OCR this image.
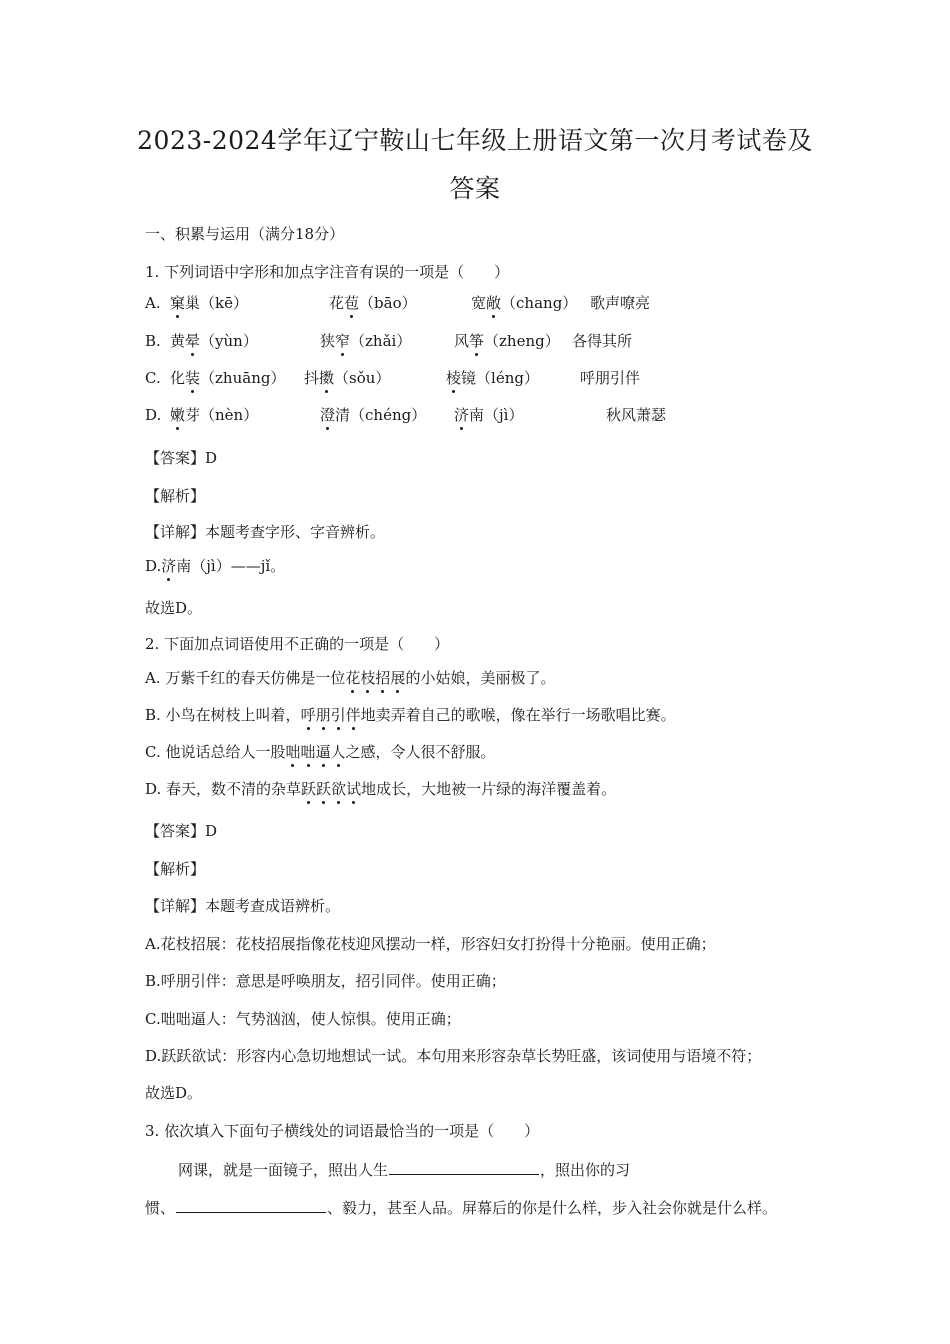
2023-2024学年辽宁鞍山七年级上册语文第一次月考试卷及
答案
一、积累与运用（满分18分）
1. 下列词语中字形和加点字注音有误的一项是（　　）
A. 窠巢（kē）	花苞（bāo）	宽敞（chang） 歌声嘹亮
B. 黄晕（yùn）	狭窄（zhǎi）	风筝（zheng） 各得其所
C. 化装（zhuāng） 抖擞（sǒu）	棱镜（léng）	呼朋引伴
D. 嫩芽（nèn）	澄清（chéng） 济南（jì）	秋风萧瑟
【答案】D
【解析】
【详解】本题考查字形、字音辨析。
D.济南（jì）——jǐ。
故选D。
2. 下面加点词语使用不正确的一项是（　　）
A. 万紫千红的春天仿佛是一位花枝招展的小姑娘，美丽极了。
B. 小鸟在树枝上叫着，呼朋引伴地卖弄着自己的歌喉，像在举行一场歌唱比赛。
C. 他说话总给人一股咄咄逼人之感，令人很不舒服。
D. 春天，数不清的杂草跃跃欲试地成长，大地被一片绿的海洋覆盖着。
【答案】D
【解析】
【详解】本题考查成语辨析。
A.花枝招展：花枝招展指像花枝迎风摆动一样，形容妇女打扮得十分艳丽。使用正确；
B.呼朋引伴：意思是呼唤朋友，招引同伴。使用正确；
C.咄咄逼人：气势汹汹，使人惊惧。使用正确；
D.跃跃欲试：形容内心急切地想试一试。本句用来形容杂草长势旺盛，该词使用与语境不符；
故选D。
3. 依次填入下面句子横线处的词语最恰当的一项是（　　）
网课，就是一面镜子，照出人生	，照出你的习
惯、	、毅力，甚至人品。屏幕后的你是什么样，步入社会你就是什么样。
